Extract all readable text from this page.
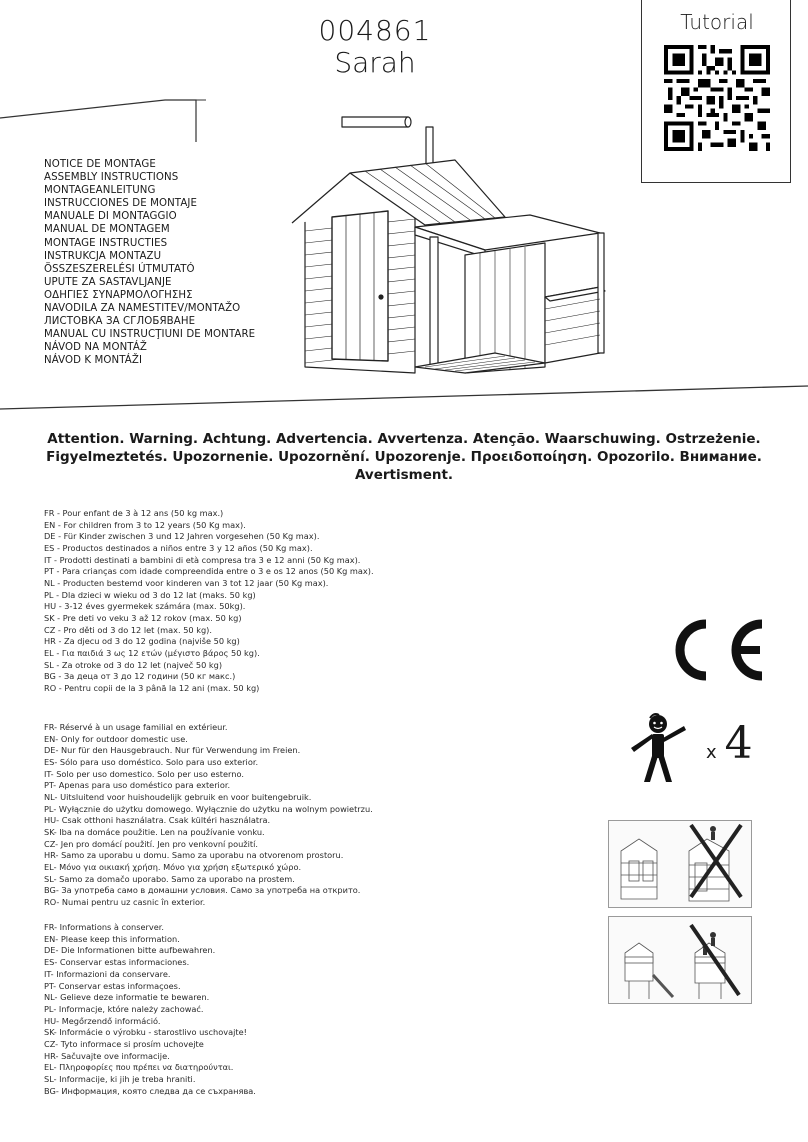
004861
Sarah
Tutorial
NOTICE DE MONTAGE
ASSEMBLY INSTRUCTIONS
MONTAGEANLEITUNG
INSTRUCCIONES DE MONTAJE
MANUALE DI MONTAGGIO
MANUAL DE MONTAGEM
MONTAGE INSTRUCTIES
INSTRUKCJA MONTAZU
ÖSSZESZERELÉSI ÚTMUTATÓ
UPUTE ZA SASTAVLJANJE
ΟΔΗΓΙΕΣ ΣΥΝΑΡΜΟΛΟΓΗΣΗΣ
NAVODILA ZA NAMESTITEV/MONTAŽO
ЛИСТОВКА ЗА СГЛОБЯВАНЕ
MANUAL CU INSTRUCŢIUNI DE MONTARE
NÁVOD NA MONTÁŽ
NÁVOD K MONTÁŽI
Attention. Warning. Achtung. Advertencia. Avvertenza. Atenção. Waarschuwing. Ostrzeżenie.
Figyelmeztetés. Upozornenie. Upozornění. Upozorenje. Προειδοποίηση. Opozorilo. Внимание. Avertisment.
FR - Pour enfant de 3 à 12 ans (50 kg max.)
EN - For children from 3 to 12 years (50 Kg max).
DE - Für Kinder zwischen 3 und 12 Jahren vorgesehen (50 Kg max).
ES - Productos destinados a niños entre 3 y 12 años (50 Kg max).
IT - Prodotti destinati a bambini di età compresa tra 3 e 12 anni (50 Kg max).
PT - Para crianças com idade compreendida entre o 3 e os 12 anos (50 Kg max).
NL - Producten bestemd voor kinderen van 3 tot 12 jaar (50 Kg max).
PL - Dla dzieci w wieku od 3 do 12 lat (maks. 50 kg)
HU - 3-12 éves gyermekek számára (max. 50kg).
SK - Pre deti vo veku 3 až 12 rokov (max. 50 kg)
CZ - Pro děti od 3 do 12 let (max. 50 kg).
HR - Za djecu od 3 do 12 godina (najviše 50 kg)
EL - Για παιδιά 3 ως 12 ετών (μέγιστο βάρος 50 kg).
SL - Za otroke od 3 do 12 let (največ 50 kg)
BG - За деца от 3 до 12 години (50 кг макс.)
RO - Pentru copii de la 3 până la 12 ani (max. 50 kg)
FR- Réservé à un usage familial en extérieur.
EN- Only for outdoor domestic use.
DE- Nur für den Hausgebrauch. Nur für Verwendung im Freien.
ES- Sólo para uso doméstico. Solo para uso exterior.
IT- Solo per uso domestico. Solo per uso esterno.
PT- Apenas para uso doméstico para exterior.
NL- Uitsluitend voor huishoudelijk gebruik en voor buitengebruik.
PL- Wyłącznie do użytku domowego. Wyłącznie do użytku na wolnym powietrzu.
HU- Csak otthoni használatra. Csak kültéri használatra.
SK- Iba na domáce použitie. Len na používanie vonku.
CZ- Jen pro domácí použití. Jen pro venkovní použití.
HR- Samo za uporabu u domu. Samo za uporabu na otvorenom prostoru.
EL- Μόνο για οικιακή χρήση. Μόνο για χρήση εξωτερικό χώρο.
SL- Samo za domačo uporabo. Samo za uporabo na prostem.
BG- За употреба само в домашни условия. Само за употреба на открито.
RO- Numai pentru uz casnic în exterior.
FR- Informations à conserver.
EN- Please keep this information.
DE- Die Informationen bitte aufbewahren.
ES- Conservar estas informaciones.
IT- Informazioni da conservare.
PT- Conservar estas informaçoes.
NL- Gelieve deze informatie te bewaren.
PL- Informacje, które należy zachować.
HU- Megőrzendő információ.
SK- Informácie o výrobku - starostlivo uschovajte!
CZ- Tyto informace si prosím uchovejte
HR- Sačuvajte ove informacije.
EL- Πληροφορίες που πρέπει να διατηρούνται.
SL- Informacije, ki jih je treba hraniti.
BG- Информация, която следва да се съхранява.
x 4
